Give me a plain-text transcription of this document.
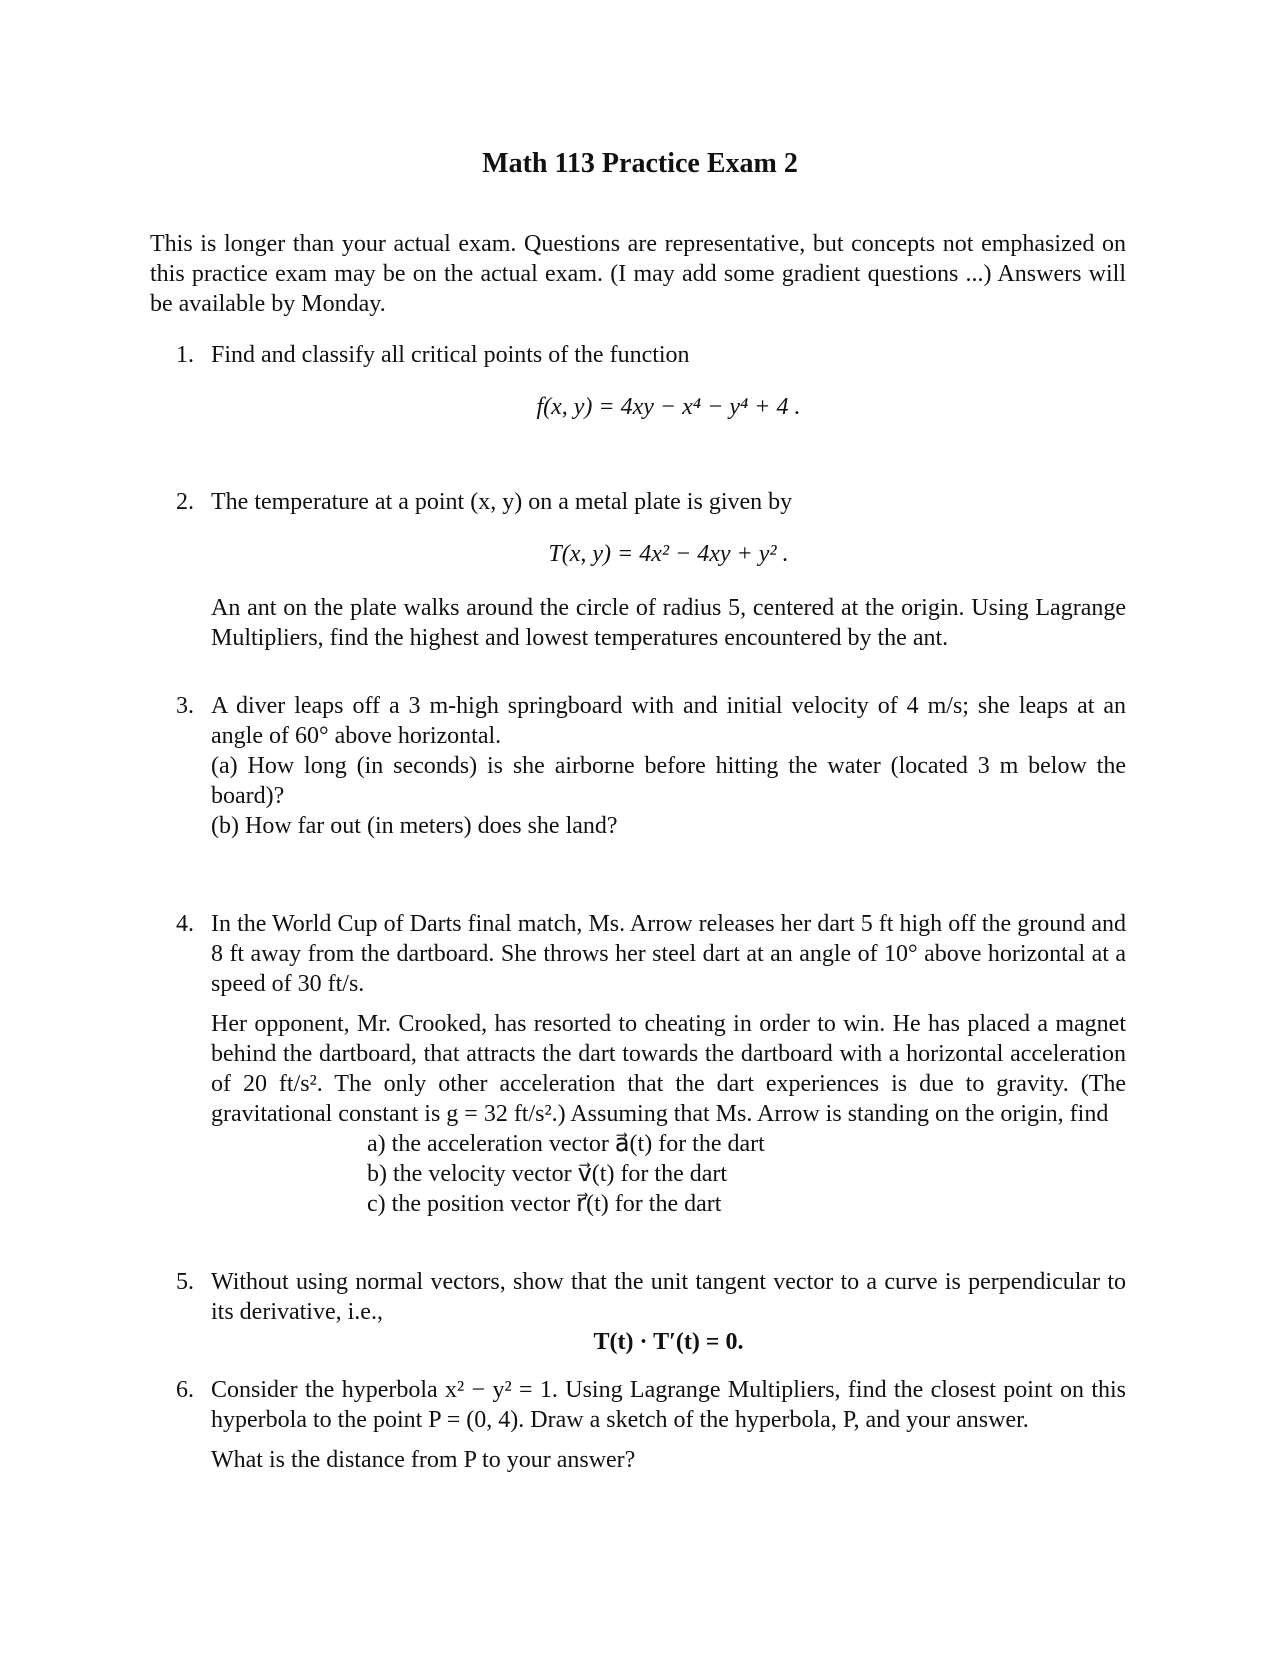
Math 113 Practice Exam 2
This is longer than your actual exam. Questions are representative, but concepts not emphasized on this practice exam may be on the actual exam. (I may add some gradient questions ...) Answers will be available by Monday.
1. Find and classify all critical points of the function
f(x, y) = 4xy − x⁴ − y⁴ + 4 .
2. The temperature at a point (x, y) on a metal plate is given by
T(x, y) = 4x² − 4xy + y² .
An ant on the plate walks around the circle of radius 5, centered at the origin. Using Lagrange Multipliers, find the highest and lowest temperatures encountered by the ant.
3. A diver leaps off a 3 m-high springboard with and initial velocity of 4 m/s; she leaps at an angle of 60° above horizontal.
(a) How long (in seconds) is she airborne before hitting the water (located 3 m below the board)?
(b) How far out (in meters) does she land?
4. In the World Cup of Darts final match, Ms. Arrow releases her dart 5 ft high off the ground and 8 ft away from the dartboard. She throws her steel dart at an angle of 10° above horizontal at a speed of 30 ft/s.
Her opponent, Mr. Crooked, has resorted to cheating in order to win. He has placed a magnet behind the dartboard, that attracts the dart towards the dartboard with a horizontal acceleration of 20 ft/s². The only other acceleration that the dart experiences is due to gravity. (The gravitational constant is g = 32 ft/s².) Assuming that Ms. Arrow is standing on the origin, find
a) the acceleration vector a⃗(t) for the dart
b) the velocity vector v⃗(t) for the dart
c) the position vector r⃗(t) for the dart
5. Without using normal vectors, show that the unit tangent vector to a curve is perpendicular to its derivative, i.e.,
T(t) · T′(t) = 0.
6. Consider the hyperbola x² − y² = 1. Using Lagrange Multipliers, find the closest point on this hyperbola to the point P = (0, 4). Draw a sketch of the hyperbola, P, and your answer.
What is the distance from P to your answer?
